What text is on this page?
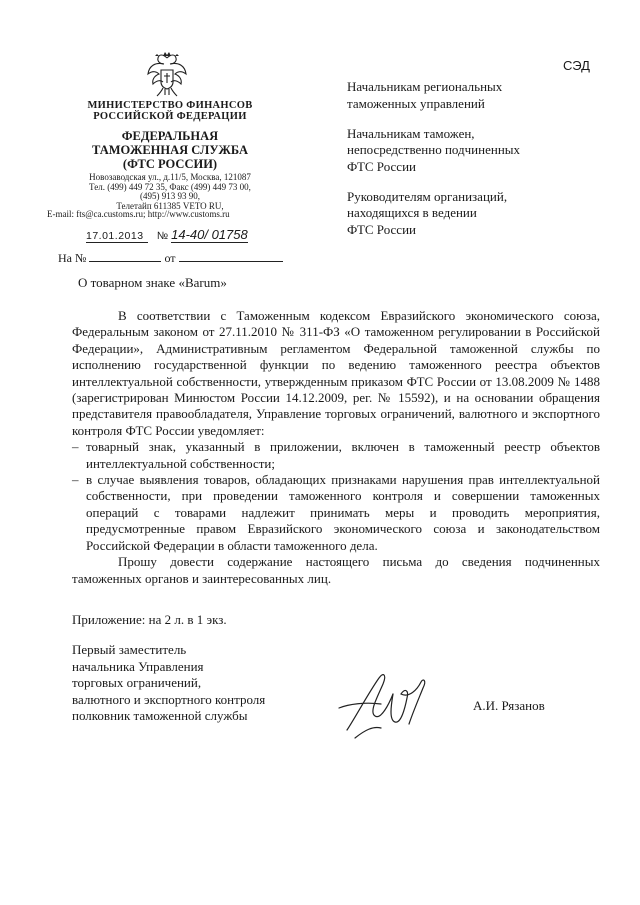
СЭД
МИНИСТЕРСТВО ФИНАНСОВ
РОССИЙСКОЙ ФЕДЕРАЦИИ
ФЕДЕРАЛЬНАЯ
ТАМОЖЕННАЯ СЛУЖБА
(ФТС РОССИИ)
Новозаводская ул., д.11/5, Москва, 121087
Тел. (499) 449 72 35, Факс (499) 449 73 00,
(495) 913 93 90,
Телетайп 611385 VETO RU,
E-mail: fts@ca.customs.ru; http://www.customs.ru
17.01.2013 № 14-40/ 01758
На №	от
Начальникам региональных
таможенных управлений
Начальникам таможен,
непосредственно подчиненных
ФТС России
Руководителям организаций,
находящихся в ведении
ФТС России
О товарном знаке «Barum»

В соответствии с Таможенным кодексом Евразийского экономического союза, Федеральным законом от 27.11.2010 № 311-ФЗ «О таможенном регулировании в Российской Федерации», Административным регламентом Федеральной таможенной службы по исполнению государственной функции по ведению таможенного реестра объектов интеллектуальной собственности, утвержденным приказом ФТС России от 13.08.2009 № 1488 (зарегистрирован Минюстом России 14.12.2009, рег. № 15592), и на основании обращения представителя правообладателя, Управление торговых ограничений, валютного и экспортного контроля ФТС России уведомляет:

– товарный знак, указанный в приложении, включен в таможенный реестр объектов интеллектуальной собственности;
– в случае выявления товаров, обладающих признаками нарушения прав интеллектуальной собственности, при проведении таможенного контроля и совершении таможенных операций с товарами надлежит принимать меры и проводить мероприятия, предусмотренные правом Евразийского экономического союза и законодательством Российской Федерации в области таможенного дела.

Прошу довести содержание настоящего письма до сведения подчиненных таможенных органов и заинтересованных лиц.

Приложение: на 2 л. в 1 экз.
Первый заместитель
начальника Управления
торговых ограничений,
валютного и экспортного контроля
полковник таможенной службы
А.И. Рязанов
